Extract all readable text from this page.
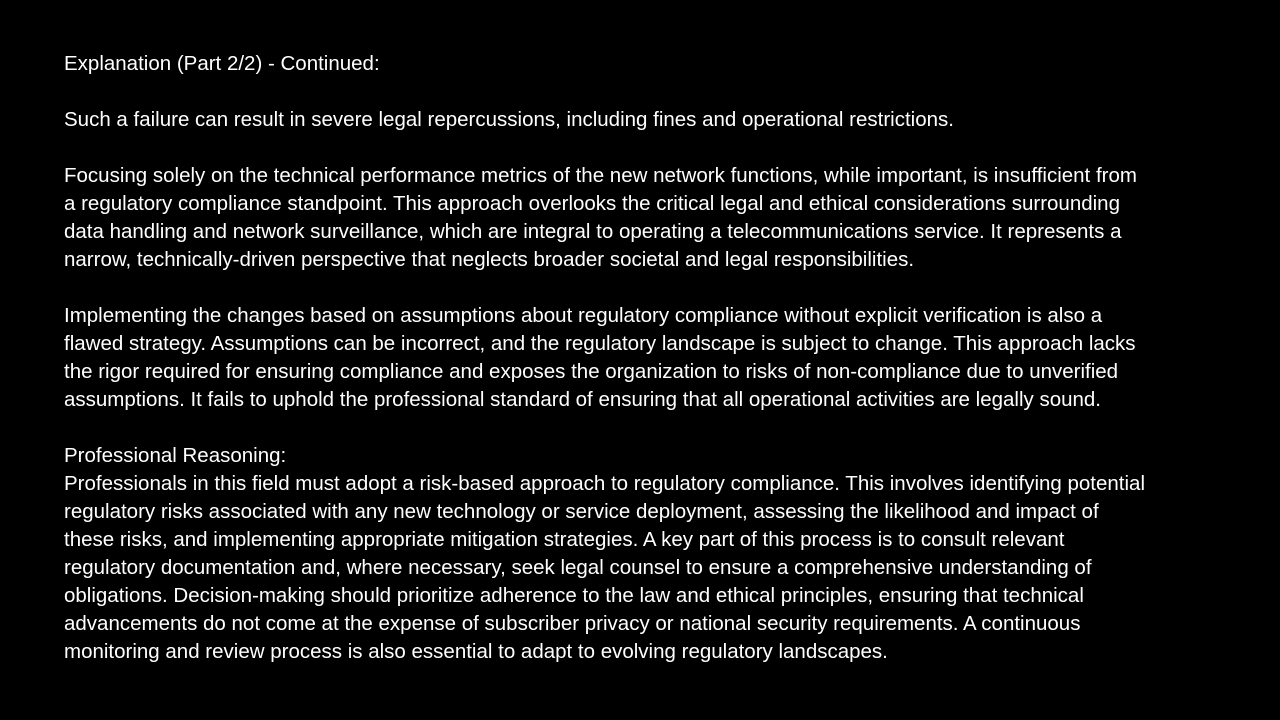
Explanation (Part 2/2) - Continued:
Such a failure can result in severe legal repercussions, including fines and operational restrictions.
Focusing solely on the technical performance metrics of the new network functions, while important, is insufficient from
a regulatory compliance standpoint. This approach overlooks the critical legal and ethical considerations surrounding
data handling and network surveillance, which are integral to operating a telecommunications service. It represents a
narrow, technically-driven perspective that neglects broader societal and legal responsibilities.
Implementing the changes based on assumptions about regulatory compliance without explicit verification is also a
flawed strategy. Assumptions can be incorrect, and the regulatory landscape is subject to change. This approach lacks
the rigor required for ensuring compliance and exposes the organization to risks of non-compliance due to unverified
assumptions. It fails to uphold the professional standard of ensuring that all operational activities are legally sound.
Professional Reasoning:
Professionals in this field must adopt a risk-based approach to regulatory compliance. This involves identifying potential
regulatory risks associated with any new technology or service deployment, assessing the likelihood and impact of
these risks, and implementing appropriate mitigation strategies. A key part of this process is to consult relevant
regulatory documentation and, where necessary, seek legal counsel to ensure a comprehensive understanding of
obligations. Decision-making should prioritize adherence to the law and ethical principles, ensuring that technical
advancements do not come at the expense of subscriber privacy or national security requirements. A continuous
monitoring and review process is also essential to adapt to evolving regulatory landscapes.
